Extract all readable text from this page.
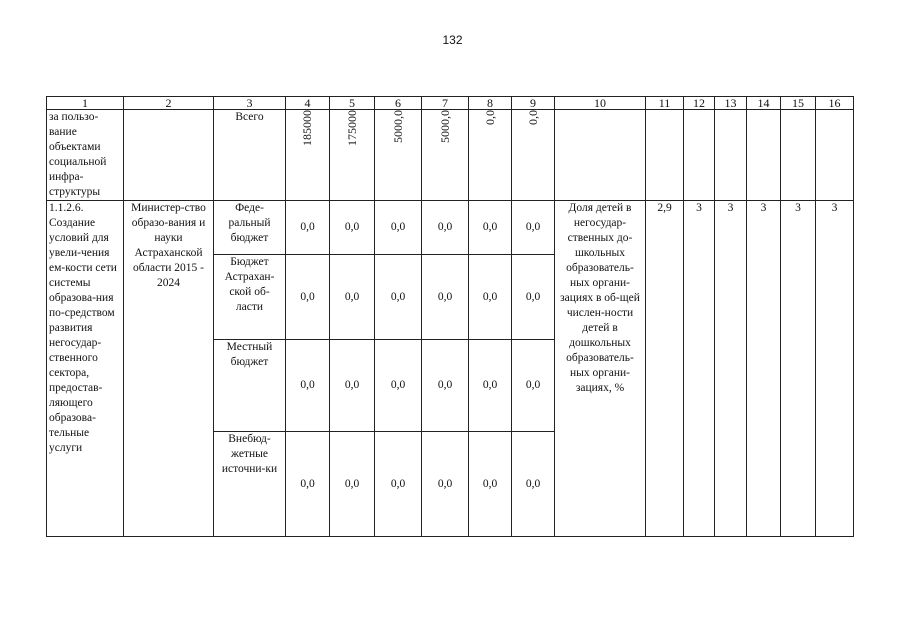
132
1	2	3	4	5	6	7	8	9	10	11	12	13	14	15	16
за пользо-вание объектами социальной инфра-структуры		Всего	185000	175000	5000,0	5000,0	0,0	0,0							
1.1.2.6. Создание условий для увели-чения ем-кости сети системы образова-ния по-средством развития негосудар-ственного сектора, предостав-ляющего образова-тельные услуги	Министер-ство образо-вания и науки Астраханской области 2015 - 2024	Феде-ральный бюджет	0,0	0,0	0,0	0,0	0,0	0,0	Доля детей в негосудар-ственных до-школьных образователь-ных органи-зациях в об-щей числен-ности детей в дошкольных образователь-ных органи-зациях, %	2,9	3	3	3	3	3
		Бюджет Астрахан-ской об-ласти	0,0	0,0	0,0	0,0	0,0	0,0							
		Местный бюджет	0,0	0,0	0,0	0,0	0,0	0,0							
		Внебюд-жетные источни-ки	0,0	0,0	0,0	0,0	0,0	0,0							
